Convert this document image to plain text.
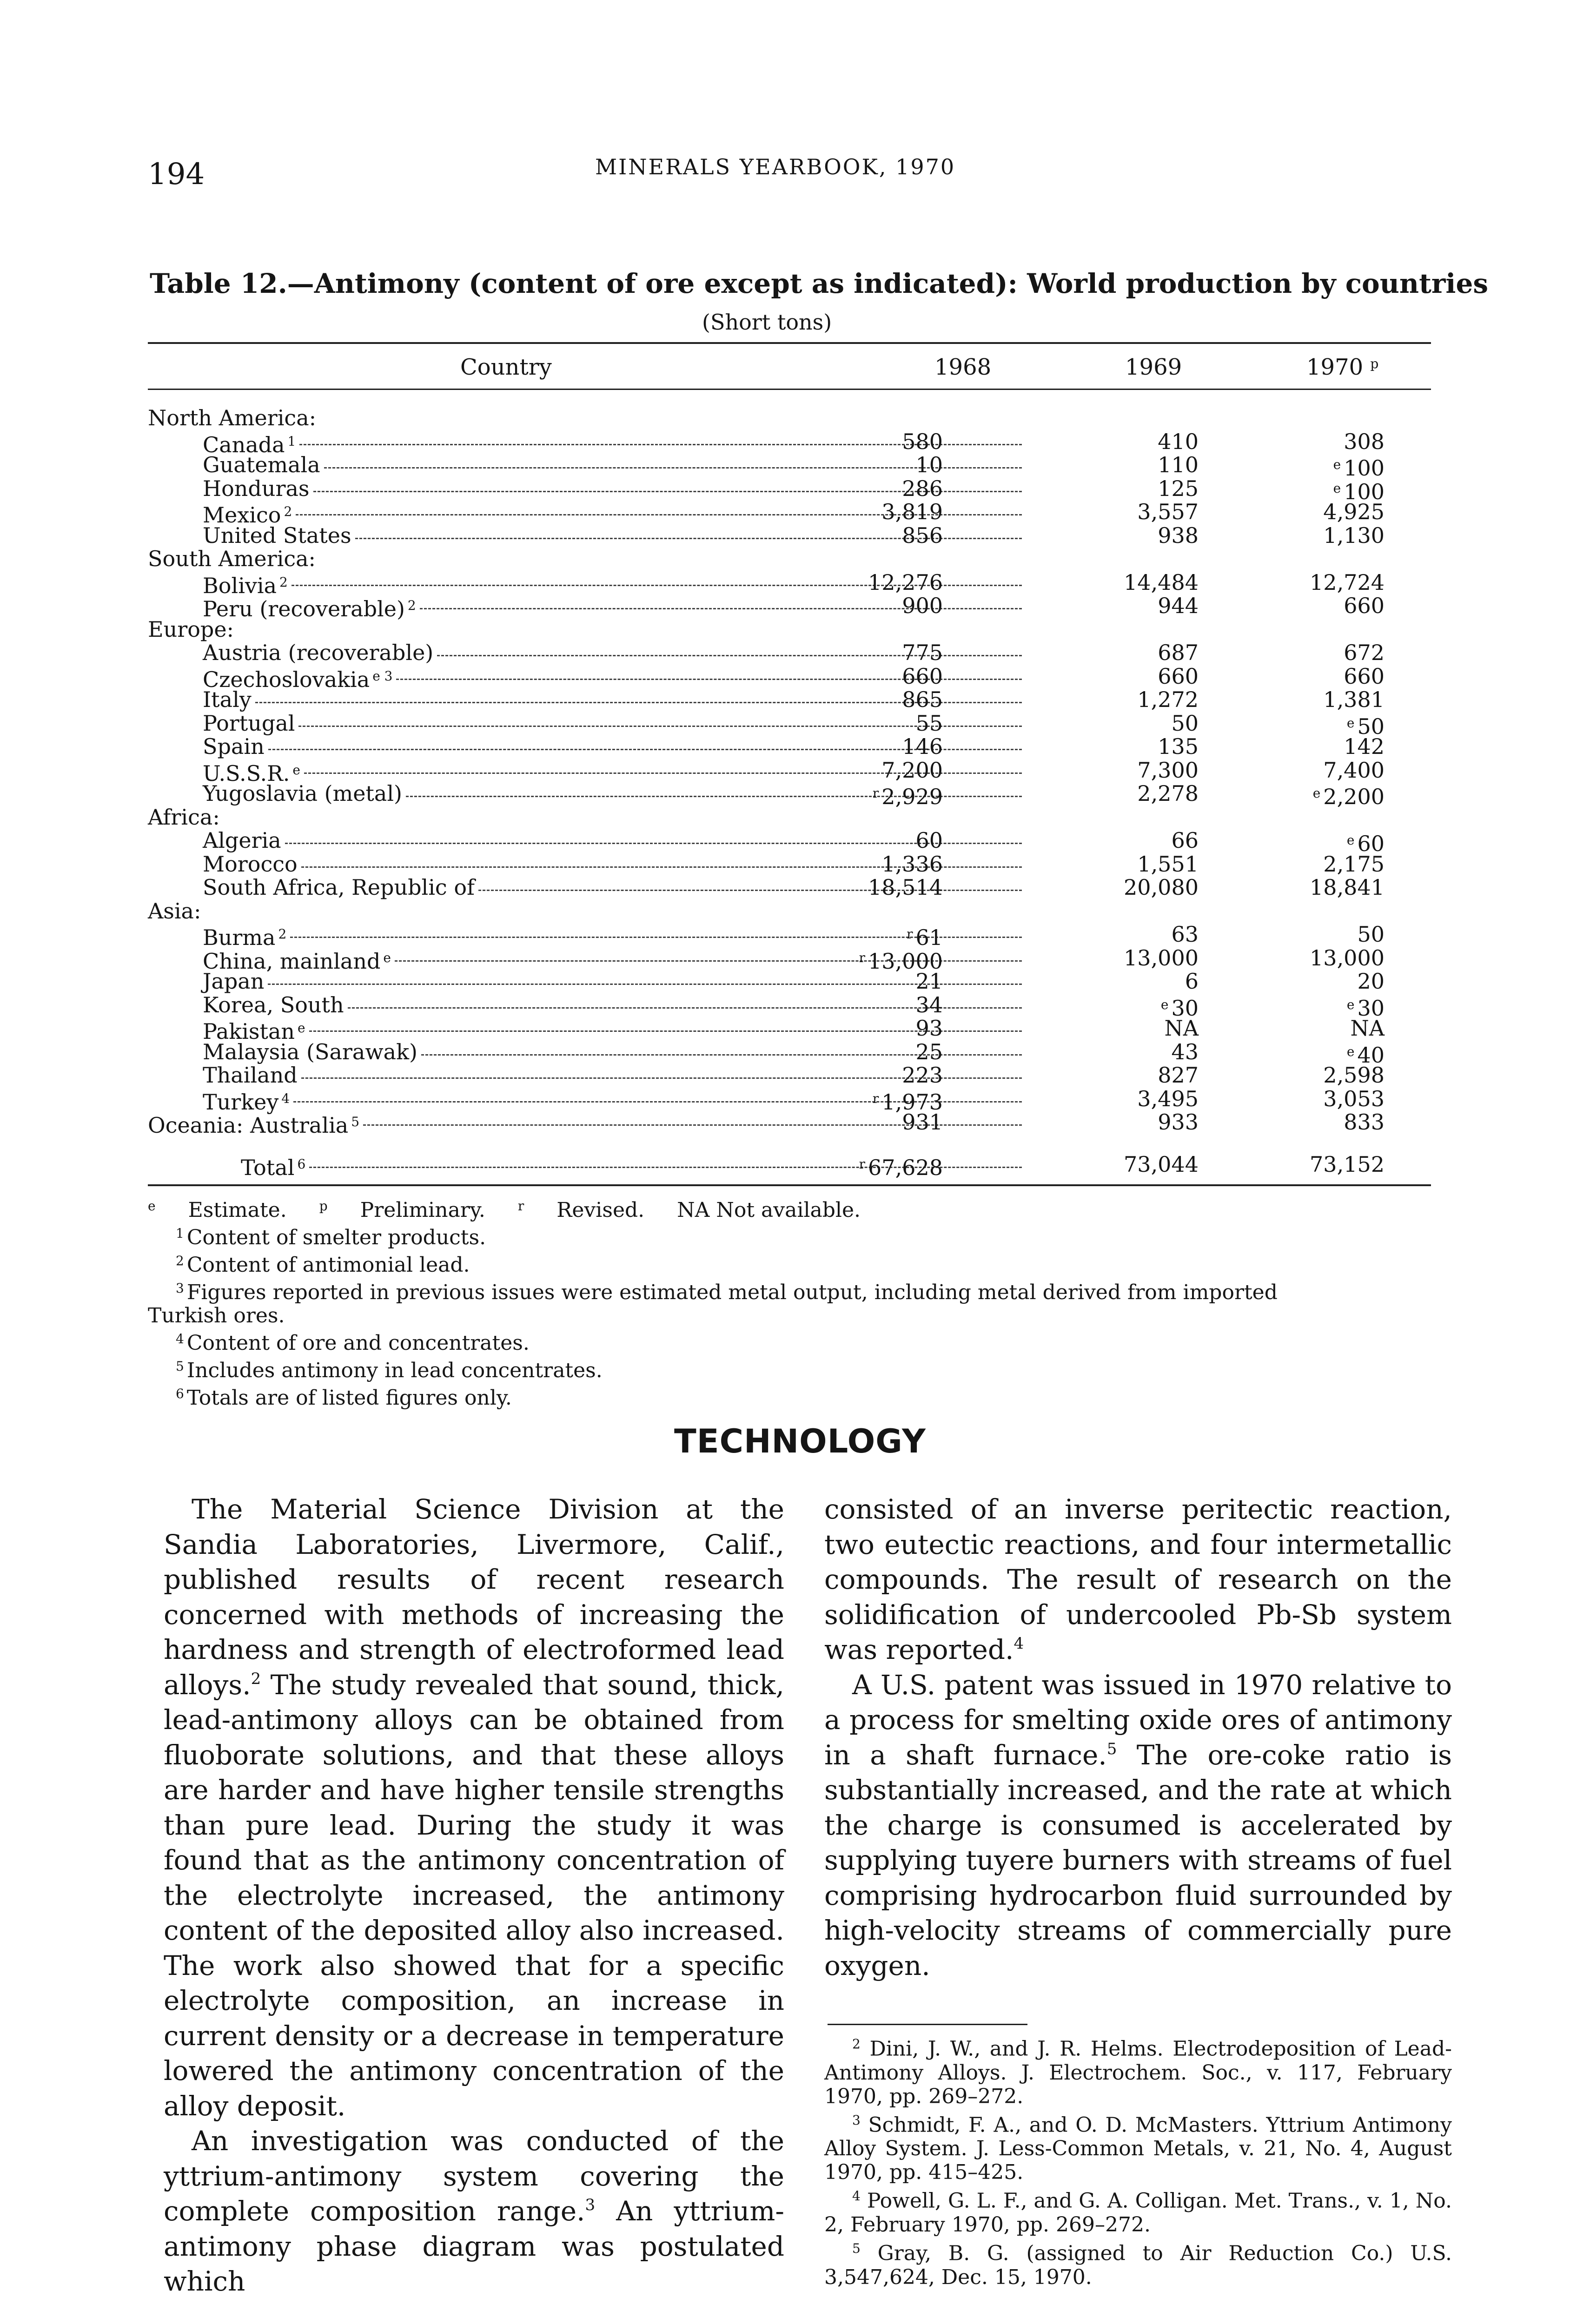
194	MINERALS YEARBOOK, 1970
Table 12.—Antimony (content of ore except as indicated): World production by countries
(Short tons)
Country	1968	1969	1970 $^p$
North America:
Canada $^1$	580	410	308
Guatemala	10	110	$^e$ 100
Honduras	286	125	$^e$ 100
Mexico $^2$	3,819	3,557	4,925
United States	856	938	1,130
South America:
Bolivia $^2$	12,276	14,484	12,724
Peru (recoverable) $^2$	900	944	660
Europe:
Austria (recoverable)	775	687	672
Czechoslovakia $^{e 3}$	660	660	660
Italy	865	1,272	1,381
Portugal	55	50	$^e$ 50
Spain	146	135	142
U.S.S.R. $^e$	7,200	7,300	7,400
Yugoslavia (metal)	$^r$ 2,929	2,278	$^e$ 2,200
Africa:
Algeria	60	66	$^e$ 60
Morocco	1,336	1,551	2,175
South Africa, Republic of	18,514	20,080	18,841
Asia:
Burma $^2$	$^r$ 61	63	50
China, mainland $^e$	$^r$ 13,000	13,000	13,000
Japan	21	6	20
Korea, South	34	$^e$ 30	$^e$ 30
Pakistan $^e$	93	NA	NA
Malaysia (Sarawak)	25	43	$^e$ 40
Thailand	223	827	2,598
Turkey $^4$	$^r$ 1,973	3,495	3,053
Oceania: Australia $^5$	931	933	833
Total $^6$	$^r$ 67,628	73,044	73,152
$^e$ Estimate.	$^p$ Preliminary.	$^r$ Revised. NA Not available.
$^1$ Content of smelter products.
$^2$ Content of antimonial lead.
$^3$ Figures reported in previous issues were estimated metal output, including metal derived from imported
Turkish ores.
$^4$ Content of ore and concentrates.
$^5$ Includes antimony in lead concentrates.
$^6$ Totals are of listed figures only.
TECHNOLOGY

The Material Science Division at the Sandia Laboratories, Livermore, Calif., published results of recent research concerned with methods of increasing the hardness and strength of electroformed lead alloys.$^2$ The study revealed that sound, thick, lead-antimony alloys can be obtained from fluoborate solutions, and that these alloys are harder and have higher tensile strengths than pure lead. During the study it was found that as the antimony concentration of the electrolyte increased, the antimony content of the deposited alloy also increased. The work also showed that for a specific electrolyte composition, an increase in current density or a decrease in temperature lowered the antimony concentration of the alloy deposit.

An investigation was conducted of the yttrium-antimony system covering the complete composition range.$^3$ An yttrium-antimony phase diagram was postulated which

consisted of an inverse peritectic reaction, two eutectic reactions, and four intermetallic compounds. The result of research on the solidification of undercooled Pb-Sb system was reported.$^4$

A U.S. patent was issued in 1970 relative to a process for smelting oxide ores of antimony in a shaft furnace.$^5$ The ore-coke ratio is substantially increased, and the rate at which the charge is consumed is accelerated by supplying tuyere burners with streams of fuel comprising hydrocarbon fluid surrounded by high-velocity streams of commercially pure oxygen.

$^2$ Dini, J. W., and J. R. Helms. Electrodeposition of Lead-Antimony Alloys. J. Electrochem. Soc., v. 117, February 1970, pp. 269–272.

$^3$ Schmidt, F. A., and O. D. McMasters. Yttrium Antimony Alloy System. J. Less-Common Metals, v. 21, No. 4, August 1970, pp. 415–425.

$^4$ Powell, G. L. F., and G. A. Colligan. Met. Trans., v. 1, No. 2, February 1970, pp. 269–272.

$^5$ Gray, B. G. (assigned to Air Reduction Co.) U.S. 3,547,624, Dec. 15, 1970.
